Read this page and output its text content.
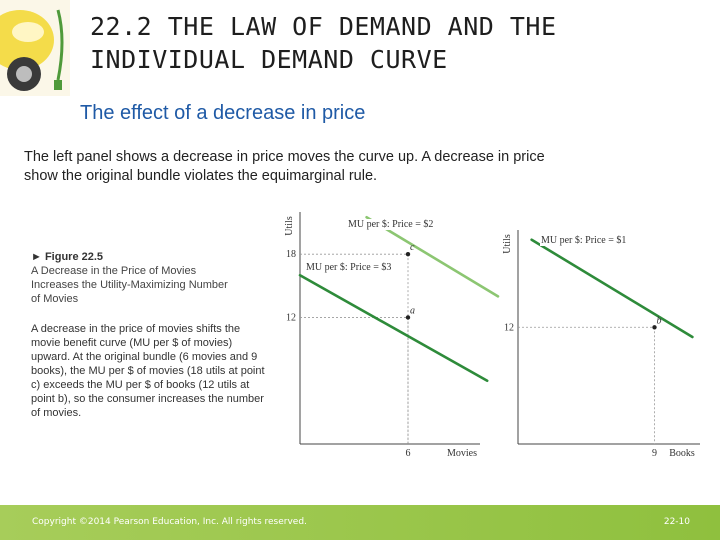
22.2 THE LAW OF DEMAND AND THE
INDIVIDUAL DEMAND CURVE
The effect of a decrease in price
The left panel shows a decrease in price moves the curve up. A decrease in price
show the original bundle violates the equimarginal rule.
► Figure 22.5
A Decrease in the Price of Movies
Increases the Utility-Maximizing Number
of Movies
A decrease in the price of movies shifts the movie benefit curve (MU per $ of movies) upward. At the original bundle (6 movies and 9 books), the MU per $ of movies (18 utils at point c) exceeds the MU per $ of books (12 utils at point b), so the consumer increases the number of movies.
Utils
Movies
18
12
6
MU per $: Price = $2
MU per $: Price = $3
c
a
Utils
Books
12
9
MU per $: Price = $1
b
Copyright ©2014 Pearson Education, Inc. All rights reserved.	22-10
